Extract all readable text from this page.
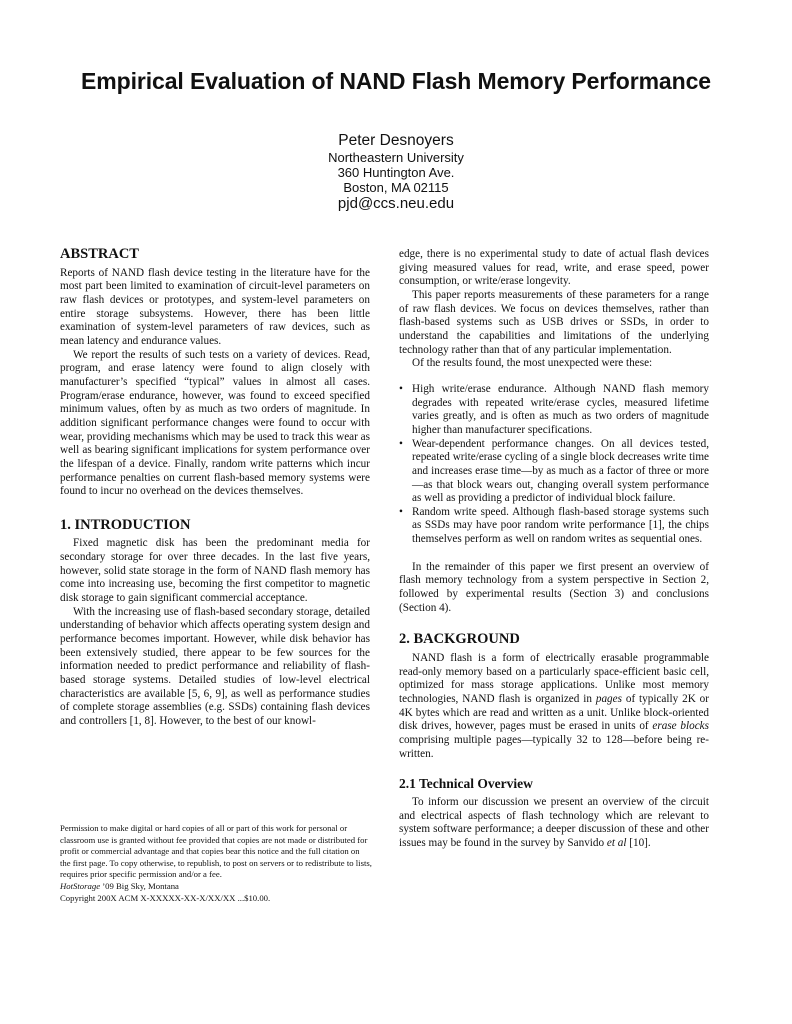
Empirical Evaluation of NAND Flash Memory Performance
Peter Desnoyers
Northeastern University
360 Huntington Ave.
Boston, MA 02115
pjd@ccs.neu.edu
ABSTRACT

Reports of NAND flash device testing in the literature have for the most part been limited to examination of circuit-level parameters on raw flash devices or prototypes, and system-level parameters on entire storage subsystems. However, there has been little examination of system-level parameters of raw devices, such as mean latency and endurance values.

We report the results of such tests on a variety of devices. Read, program, and erase latency were found to align closely with manufacturer’s specified “typical” values in almost all cases. Program/erase endurance, however, was found to exceed specified minimum values, often by as much as two orders of magnitude. In addition significant performance changes were found to occur with wear, providing mechanisms which may be used to track this wear as well as bearing significant implications for system performance over the lifespan of a device. Finally, random write patterns which incur performance penalties on current flash-based memory systems were found to incur no overhead on the devices themselves.

1. INTRODUCTION

Fixed magnetic disk has been the predominant media for secondary storage for over three decades. In the last five years, however, solid state storage in the form of NAND flash memory has come into increasing use, becoming the first competitor to magnetic disk storage to gain significant commercial acceptance.

With the increasing use of flash-based secondary storage, detailed understanding of behavior which affects operating system design and performance becomes important. However, while disk behavior has been extensively studied, there appear to be few sources for the information needed to predict performance and reliability of flash-based storage systems. Detailed studies of low-level electrical characteristics are available [5, 6, 9], as well as performance studies of complete storage assemblies (e.g. SSDs) containing flash devices and controllers [1, 8]. However, to the best of our knowl-

edge, there is no experimental study to date of actual flash devices giving measured values for read, write, and erase speed, power consumption, or write/erase longevity.

This paper reports measurements of these parameters for a range of raw flash devices. We focus on devices themselves, rather than flash-based systems such as USB drives or SSDs, in order to understand the capabilities and limitations of the underlying technology rather than that of any particular implementation.

Of the results found, the most unexpected were these:

• High write/erase endurance. Although NAND flash memory degrades with repeated write/erase cycles, measured lifetime varies greatly, and is often as much as two orders of magnitude higher than manufacturer specifications.
• Wear-dependent performance changes. On all devices tested, repeated write/erase cycling of a single block decreases write time and increases erase time—by as much as a factor of three or more—as that block wears out, changing overall system performance as well as providing a predictor of individual block failure.
• Random write speed. Although flash-based storage systems such as SSDs may have poor random write performance [1], the chips themselves perform as well on random writes as sequential ones.

In the remainder of this paper we first present an overview of flash memory technology from a system perspective in Section 2, followed by experimental results (Section 3) and conclusions (Section 4).

2. BACKGROUND

NAND flash is a form of electrically erasable programmable read-only memory based on a particularly space-efficient basic cell, optimized for mass storage applications. Unlike most memory technologies, NAND flash is organized in pages of typically 2K or 4K bytes which are read and written as a unit. Unlike block-oriented disk drives, however, pages must be erased in units of erase blocks comprising multiple pages—typically 32 to 128—before being re-written.

2.1 Technical Overview

To inform our discussion we present an overview of the circuit and electrical aspects of flash technology which are relevant to system software performance; a deeper discussion of these and other issues may be found in the survey by Sanvido et al [10].

Permission to make digital or hard copies of all or part of this work for personal or classroom use is granted without fee provided that copies are not made or distributed for profit or commercial advantage and that copies bear this notice and the full citation on the first page. To copy otherwise, to republish, to post on servers or to redistribute to lists, requires prior specific permission and/or a fee.

HotStorage ’09 Big Sky, Montana

Copyright 200X ACM X-XXXXX-XX-X/XX/XX ...$10.00.
